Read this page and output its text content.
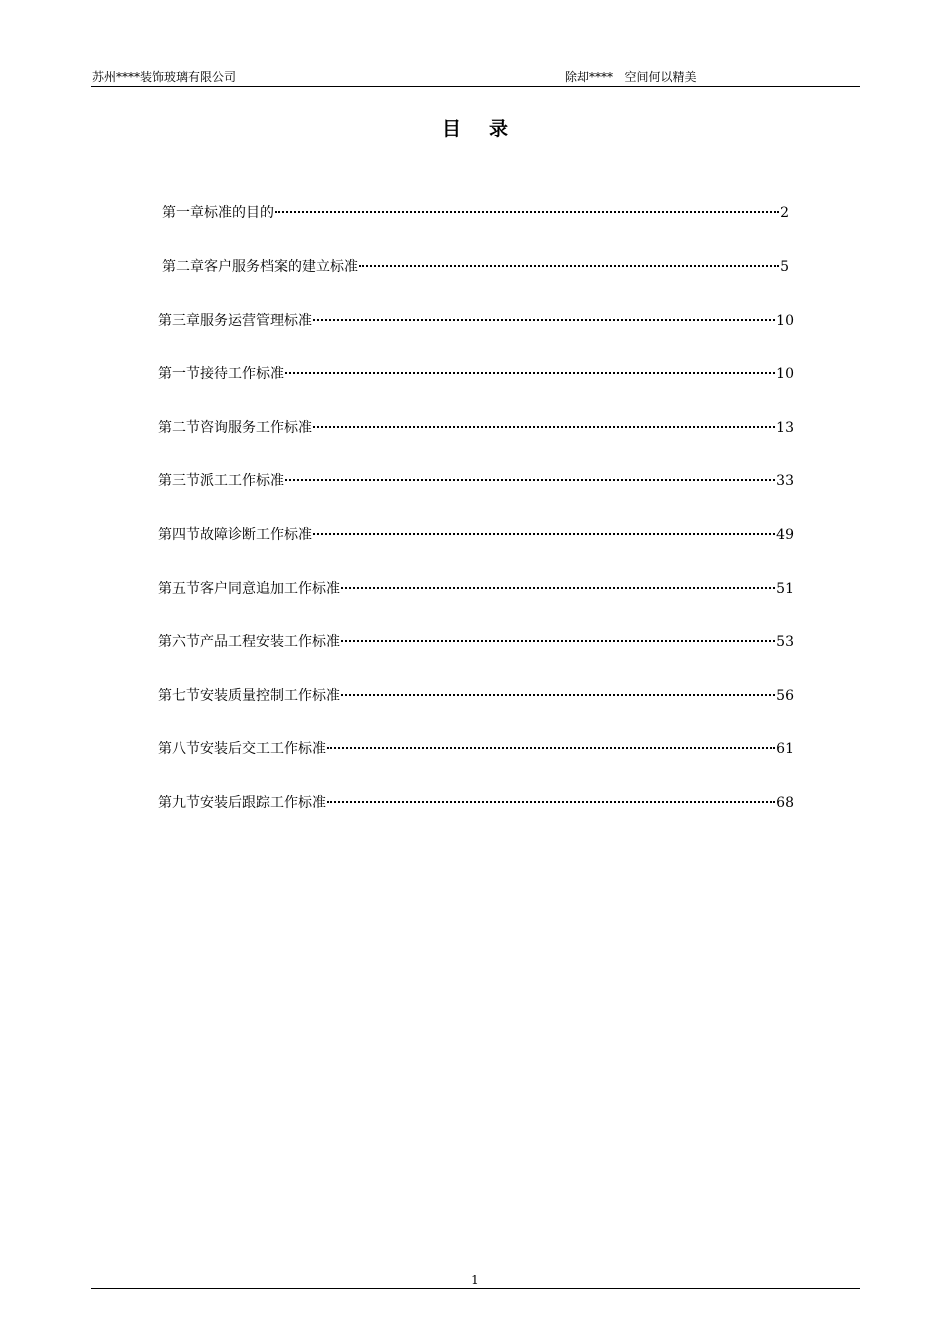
苏州****装饰玻璃有限公司	除却****   空间何以精美
目录
第一章标准的目的	2
第二章客户服务档案的建立标准	5
第三章服务运营管理标准	10
第一节接待工作标准	10
第二节咨询服务工作标准	13
第三节派工工作标准	33
第四节故障诊断工作标准	49
第五节客户同意追加工作标准	51
第六节产品工程安装工作标准	53
第七节安装质量控制工作标准	56
第八节安装后交工工作标准	61
第九节安装后跟踪工作标准	68
1
